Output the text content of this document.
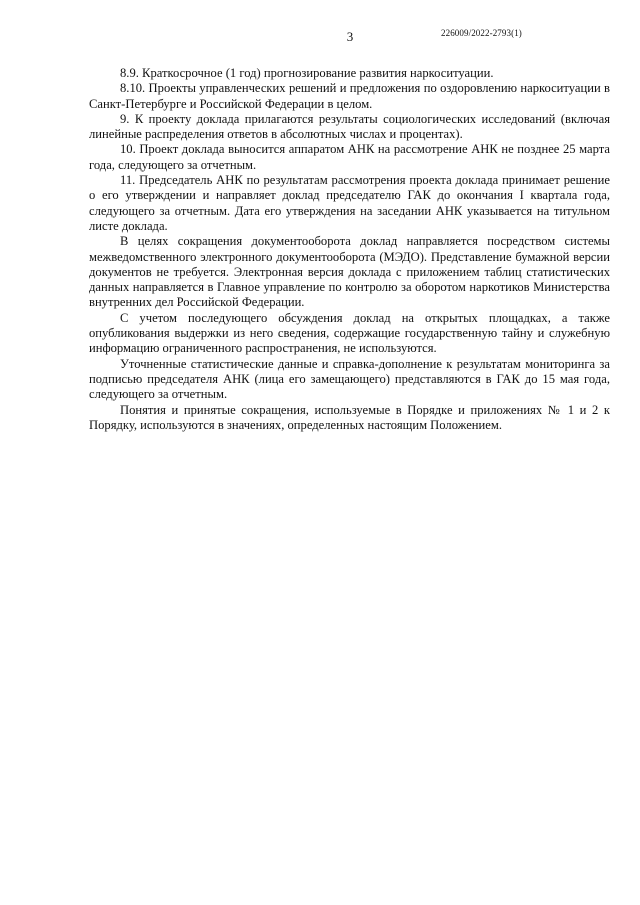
3	226009/2022-2793(1)

8.9. Краткосрочное (1 год) прогнозирование развития наркоситуации.

8.10. Проекты управленческих решений и предложения по оздоровлению наркоситуации в Санкт-Петербурге и Российской Федерации в целом.

9. К проекту доклада прилагаются результаты социологических исследований (включая линейные распределения ответов в абсолютных числах и процентах).

10. Проект доклада выносится аппаратом АНК на рассмотрение АНК не позднее 25 марта года, следующего за отчетным.

11. Председатель АНК по результатам рассмотрения проекта доклада принимает решение о его утверждении и направляет доклад председателю ГАК до окончания I квартала года, следующего за отчетным. Дата его утверждения на заседании АНК указывается на титульном листе доклада.

В целях сокращения документооборота доклад направляется посредством системы межведомственного электронного документооборота (МЭДО). Представление бумажной версии документов не требуется. Электронная версия доклада с приложением таблиц статистических данных направляется в Главное управление по контролю за оборотом наркотиков Министерства внутренних дел Российской Федерации.

С учетом последующего обсуждения доклад на открытых площадках, а также опубликования выдержки из него сведения, содержащие государственную тайну и служебную информацию ограниченного распространения, не используются.

Уточненные статистические данные и справка-дополнение к результатам мониторинга за подписью председателя АНК (лица его замещающего) представляются в ГАК до 15 мая года, следующего за отчетным.

Понятия и принятые сокращения, используемые в Порядке и приложениях № 1 и 2 к Порядку, используются в значениях, определенных настоящим Положением.
